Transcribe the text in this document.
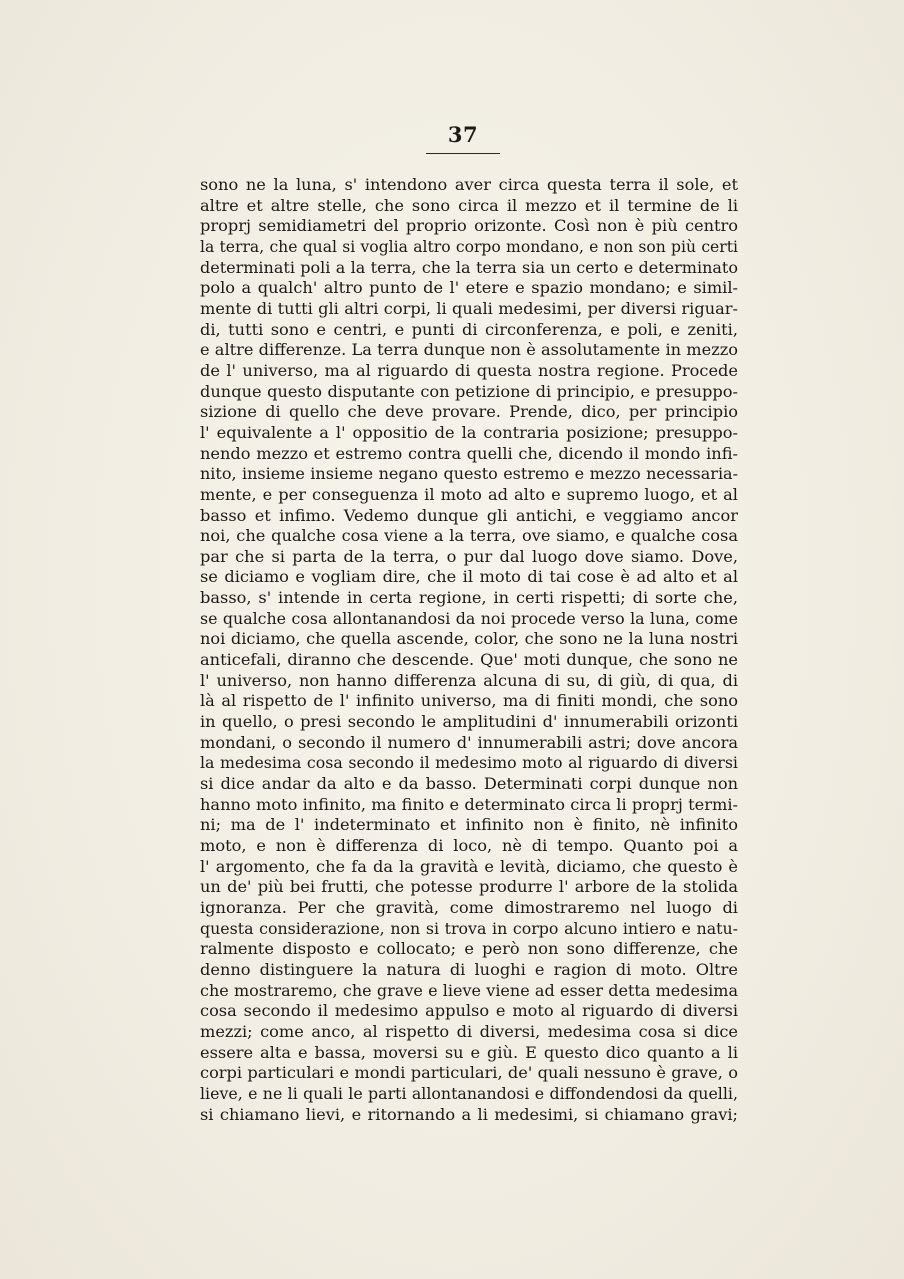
37
sono ne la luna, s' intendono aver circa questa terra il sole, et
altre et altre stelle, che sono circa il mezzo et il termine de li
proprj semidiametri del proprio orizonte. Così non è più centro
la terra, che qual si voglia altro corpo mondano, e non son più certi
determinati poli a la terra, che la terra sia un certo e determinato
polo a qualch' altro punto de l' etere e spazio mondano; e simil-
mente di tutti gli altri corpi, li quali medesimi, per diversi riguar-
di, tutti sono e centri, e punti di circonferenza, e poli, e zeniti,
e altre differenze. La terra dunque non è assolutamente in mezzo
de l' universo, ma al riguardo di questa nostra regione. Procede
dunque questo disputante con petizione di principio, e presuppo-
sizione di quello che deve provare. Prende, dico, per principio
l' equivalente a l' oppositio de la contraria posizione; presuppo-
nendo mezzo et estremo contra quelli che, dicendo il mondo infi-
nito, insieme insieme negano questo estremo e mezzo necessaria-
mente, e per conseguenza il moto ad alto e supremo luogo, et al
basso et infimo. Vedemo dunque gli antichi, e veggiamo ancor
noi, che qualche cosa viene a la terra, ove siamo, e qualche cosa
par che si parta de la terra, o pur dal luogo dove siamo. Dove,
se diciamo e vogliam dire, che il moto di tai cose è ad alto et al
basso, s' intende in certa regione, in certi rispetti; di sorte che,
se qualche cosa allontanandosi da noi procede verso la luna, come
noi diciamo, che quella ascende, color, che sono ne la luna nostri
anticefali, diranno che descende. Que' moti dunque, che sono ne
l' universo, non hanno differenza alcuna di su, di giù, di qua, di
là al rispetto de l' infinito universo, ma di finiti mondi, che sono
in quello, o presi secondo le amplitudini d' innumerabili orizonti
mondani, o secondo il numero d' innumerabili astri; dove ancora
la medesima cosa secondo il medesimo moto al riguardo di diversi
si dice andar da alto e da basso. Determinati corpi dunque non
hanno moto infinito, ma finito e determinato circa li proprj termi-
ni; ma de l' indeterminato et infinito non è finito, nè infinito
moto, e non è differenza di loco, nè di tempo. Quanto poi a
l' argomento, che fa da la gravità e levità, diciamo, che questo è
un de' più bei frutti, che potesse produrre l' arbore de la stolida
ignoranza. Per che gravità, come dimostraremo nel luogo di
questa considerazione, non si trova in corpo alcuno intiero e natu-
ralmente disposto e collocato; e però non sono differenze, che
denno distinguere la natura di luoghi e ragion di moto. Oltre
che mostraremo, che grave e lieve viene ad esser detta medesima
cosa secondo il medesimo appulso e moto al riguardo di diversi
mezzi; come anco, al rispetto di diversi, medesima cosa si dice
essere alta e bassa, moversi su e giù. E questo dico quanto a li
corpi particulari e mondi particulari, de' quali nessuno è grave, o
lieve, e ne li quali le parti allontanandosi e diffondendosi da quelli,
si chiamano lievi, e ritornando a li medesimi, si chiamano gravi;
